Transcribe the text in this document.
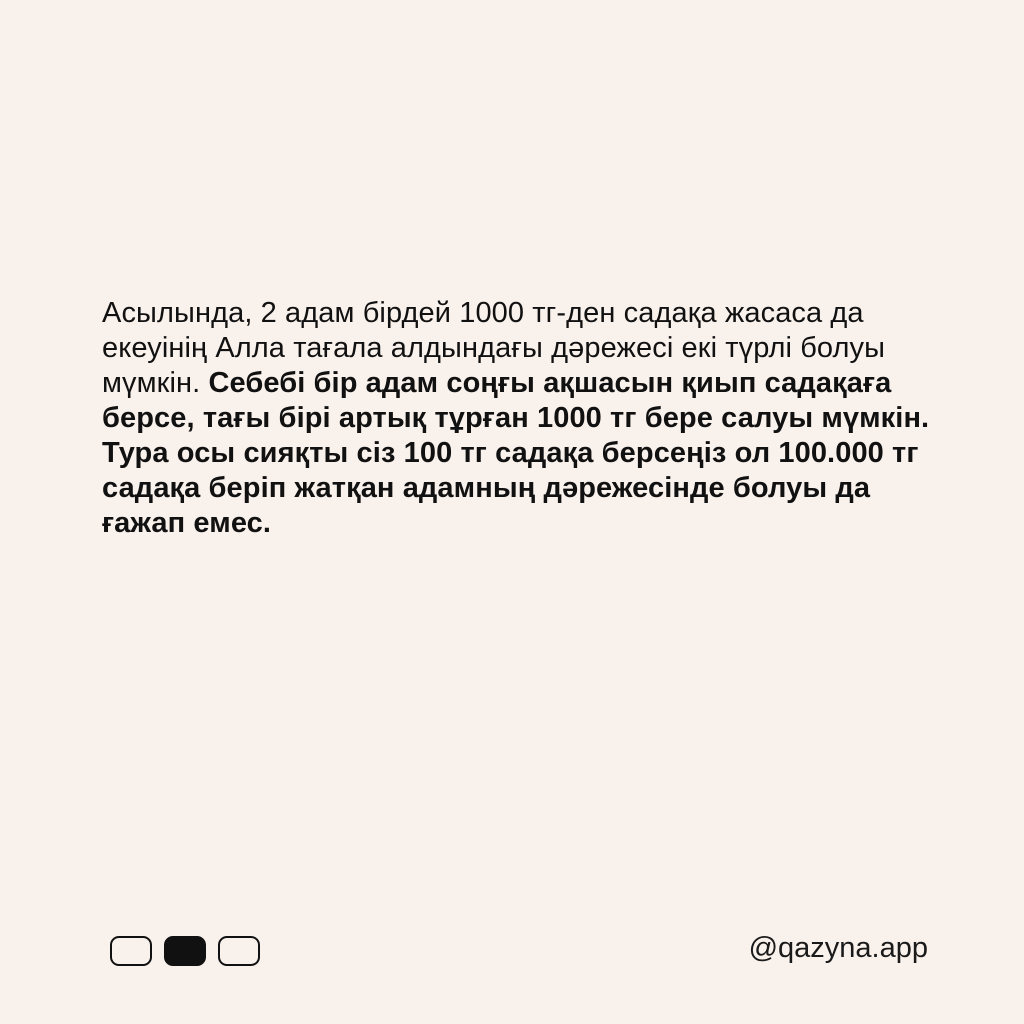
Асылында, 2 адам бірдей 1000 тг-ден садақа жасаса да екеуінің Алла тағала алдындағы дәрежесі екі түрлі болуы мүмкін. Себебі бір адам соңғы ақшасын қиып садақаға берсе, тағы бірі артық тұрған 1000 тг бере салуы мүмкін. Тура осы сияқты сіз 100 тг садақа берсеңіз ол 100.000 тг садақа беріп жатқан адамның дәрежесінде болуы да ғажап емес.
@qazyna.app
